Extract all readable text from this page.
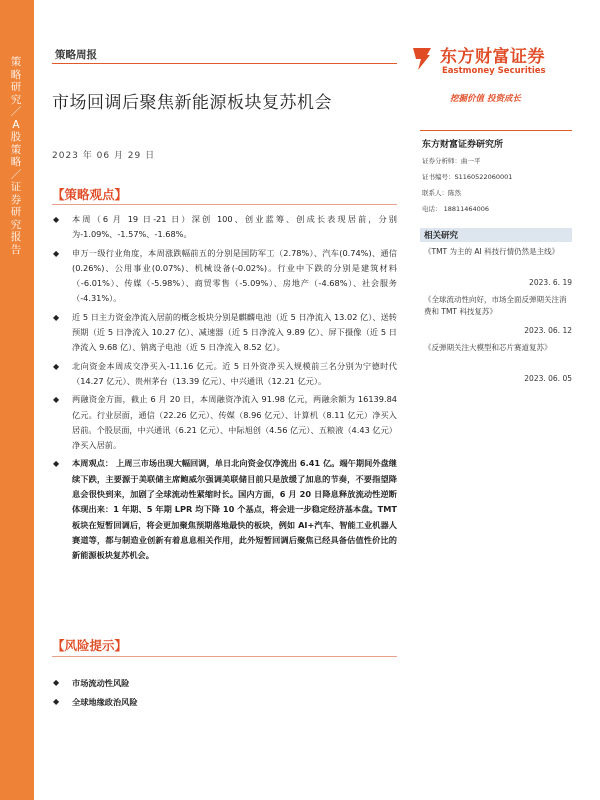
策略研究／A股策略／证券研究报告
策略周报
市场回调后聚焦新能源板块复苏机会
2023 年 06 月 29 日
东方财富证券
Eastmoney Securities
挖掘价值 投资成长
东方财富证券研究所
证券分析师：曲一平
证书编号：S1160522060001
联系人：陈然
电话： 18811464006
相关研究
《TMT 为主的 AI 科技行情仍然是主线》
2023. 6. 19
《全球流动性向好，市场全面反弹期关注消费和 TMT 科技复苏》
2023. 06. 12
《反弹期关注大模型和芯片赛道复苏》
2023. 06. 05
【策略观点】
◆ 本周（6 月 19 日-21 日）深创 100、创业蓝筹、创成长表现居前，分别为-1.09%、-1.57%、-1.68%。
◆ 申万一级行业角度，本周涨跌幅前五的分别是国防军工（2.78%）、汽车(0.74%)、通信(0.26%)、公用事业(0.07%)、机械设备(-0.02%)。行业中下跌的分别是建筑材料（-6.01%）、传媒（-5.98%）、商贸零售（-5.09%）、房地产（-4.68%）、社会服务（-4.31%）。
◆ 近 5 日主力资金净流入居前的概念板块分别是麒麟电池（近 5 日净流入 13.02 亿）、送转预期（近 5 日净流入 10.27 亿）、减速器（近 5 日净流入 9.89 亿）、屏下摄像（近 5 日净流入 9.68 亿）、钠离子电池（近 5 日净流入 8.52 亿）。
◆ 北向资金本周成交净买入-11.16 亿元。近 5 日外资净买入规模前三名分别为宁德时代（14.27 亿元）、贵州茅台（13.39 亿元）、中兴通讯（12.21 亿元）。
◆ 两融资金方面，截止 6 月 20 日，本周融资净流入 91.98 亿元，两融余额为 16139.84 亿元。行业层面，通信（22.26 亿元）、传媒（8.96 亿元）、计算机（8.11 亿元）净买入居前。个股层面，中兴通讯（6.21 亿元）、中际旭创（4.56 亿元）、五粮液（4.43 亿元）净买入居前。
◆ 本周观点： 上周三市场出现大幅回调，单日北向资金仅净流出 6.41 亿。端午期间外盘继续下跌，主要源于美联储主席鲍威尔强调美联储目前只是放缓了加息的节奏，不要指望降息会很快到来，加剧了全球流动性紧缩时长。国内方面，6 月 20 日降息释放流动性逆断体现出来：1 年期、5 年期 LPR 均下降 10 个基点，将会进一步稳定经济基本盘。TMT 板块在短暂回调后，将会更加聚焦预期落地最快的板块，例如 AI+汽车、智能工业机器人赛道等，都与制造业创新有着息息相关作用，此外短暂回调后聚焦已经具备估值性价比的新能源板块复苏机会。
【风险提示】
◆ 市场流动性风险
◆ 全球地缘政治风险
